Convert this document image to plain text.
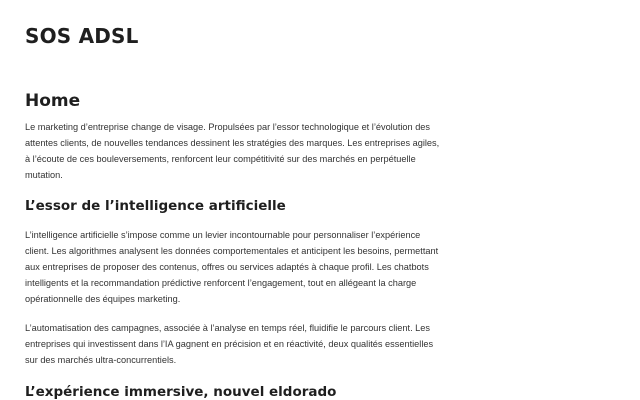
SOS ADSL
Home

Le marketing d’entreprise change de visage. Propulsées par l’essor technologique et l’évolution des attentes clients, de nouvelles tendances dessinent les stratégies des marques. Les entreprises agiles, à l’écoute de ces bouleversements, renforcent leur compétitivité sur des marchés en perpétuelle mutation.

L’essor de l’intelligence artificielle

L’intelligence artificielle s’impose comme un levier incontournable pour personnaliser l’expérience client. Les algorithmes analysent les données comportementales et anticipent les besoins, permettant aux entreprises de proposer des contenus, offres ou services adaptés à chaque profil. Les chatbots intelligents et la recommandation prédictive renforcent l’engagement, tout en allégeant la charge opérationnelle des équipes marketing.

L’automatisation des campagnes, associée à l’analyse en temps réel, fluidifie le parcours client. Les entreprises qui investissent dans l’IA gagnent en précision et en réactivité, deux qualités essentielles sur des marchés ultra-concurrentiels.

L’expérience immersive, nouvel eldorado
